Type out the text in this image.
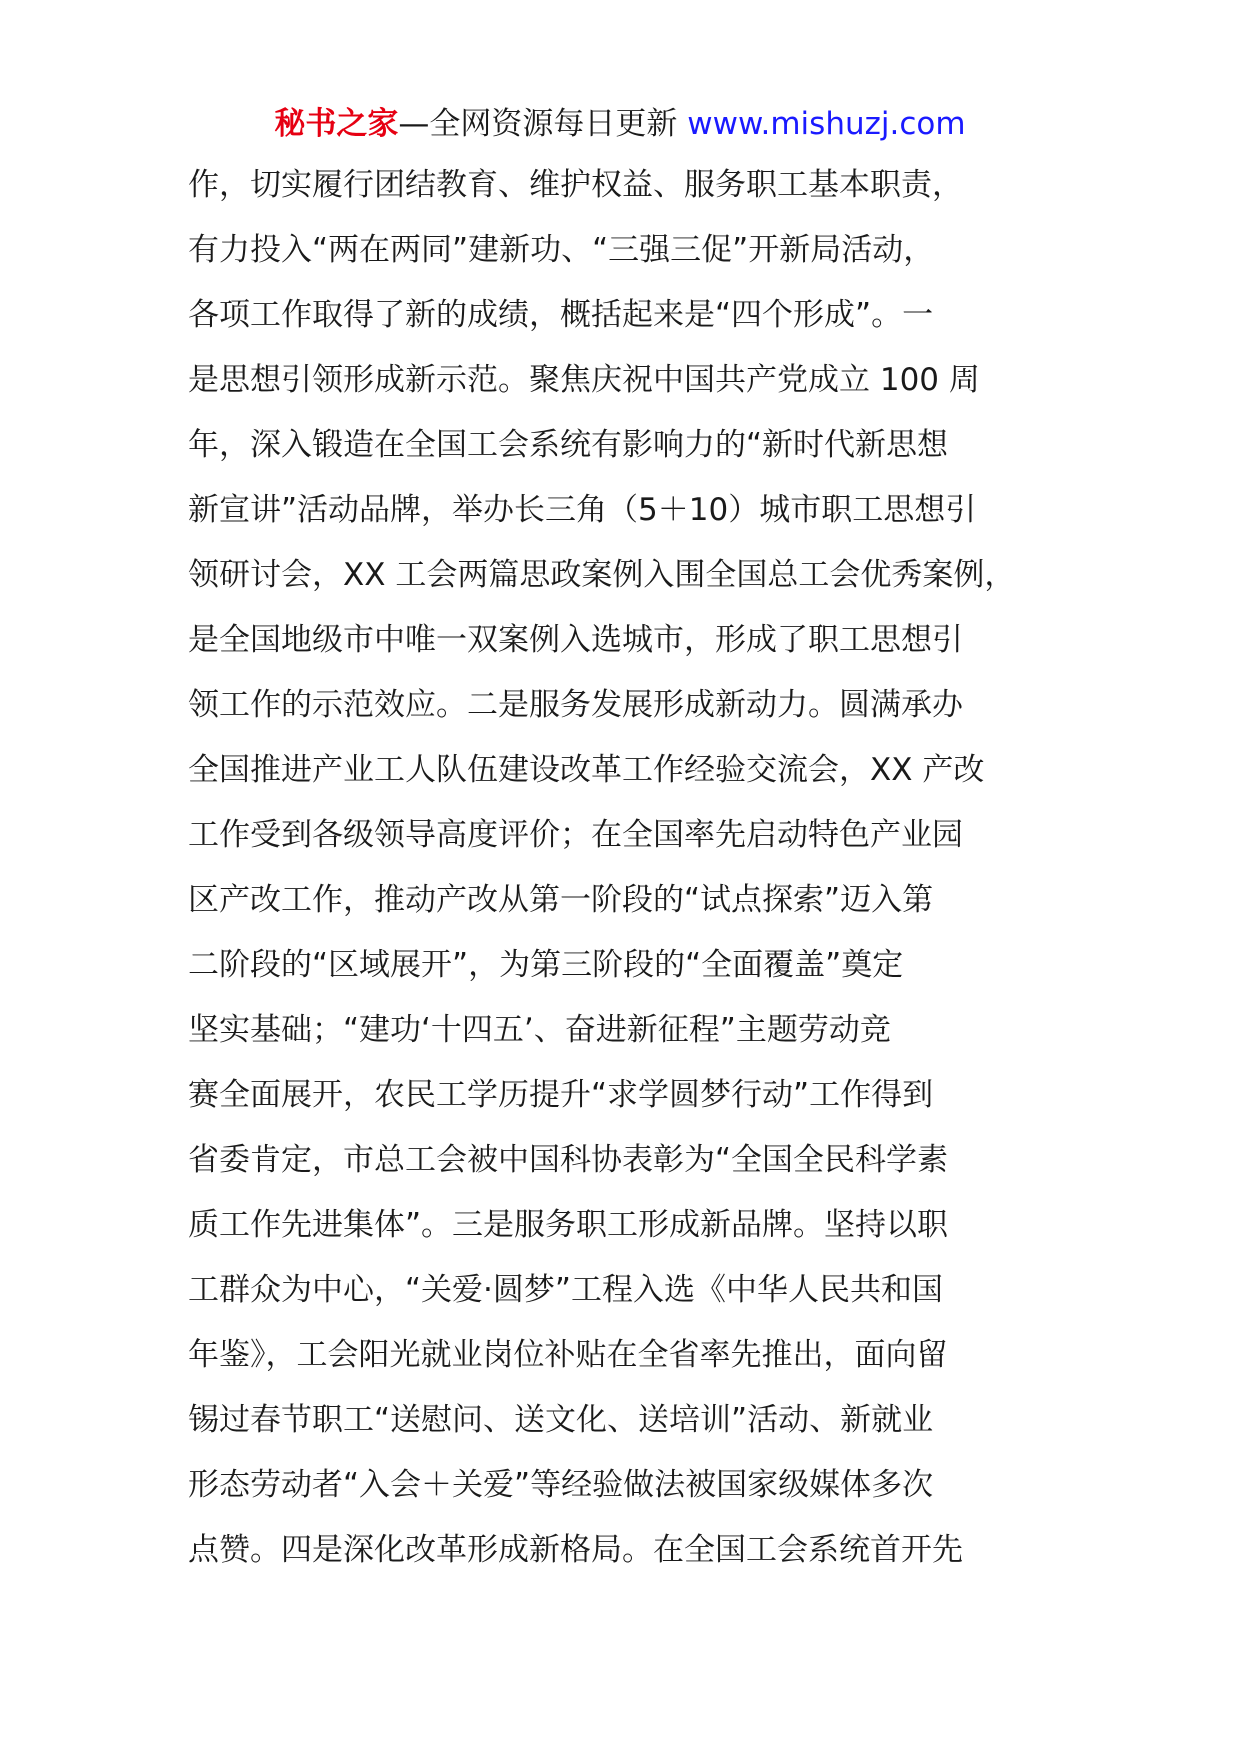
秘书之家—全网资源每日更新 www.mishuzj.com
作，切实履行团结教育、维护权益、服务职工基本职责，
有力投入“两在两同”建新功、“三强三促”开新局活动，
各项工作取得了新的成绩，概括起来是“四个形成”。一
是思想引领形成新示范。聚焦庆祝中国共产党成立 100 周
年，深入锻造在全国工会系统有影响力的“新时代新思想
新宣讲”活动品牌，举办长三角（5＋10）城市职工思想引
领研讨会，XX 工会两篇思政案例入围全国总工会优秀案例，
是全国地级市中唯一双案例入选城市，形成了职工思想引
领工作的示范效应。二是服务发展形成新动力。圆满承办
全国推进产业工人队伍建设改革工作经验交流会，XX 产改
工作受到各级领导高度评价；在全国率先启动特色产业园
区产改工作，推动产改从第一阶段的“试点探索”迈入第
二阶段的“区域展开”，为第三阶段的“全面覆盖”奠定
坚实基础；“建功‘十四五’、奋进新征程”主题劳动竞
赛全面展开，农民工学历提升“求学圆梦行动”工作得到
省委肯定，市总工会被中国科协表彰为“全国全民科学素
质工作先进集体”。三是服务职工形成新品牌。坚持以职
工群众为中心，“关爱·圆梦”工程入选《中华人民共和国
年鉴》，工会阳光就业岗位补贴在全省率先推出，面向留
锡过春节职工“送慰问、送文化、送培训”活动、新就业
形态劳动者“入会＋关爱”等经验做法被国家级媒体多次
点赞。四是深化改革形成新格局。在全国工会系统首开先
